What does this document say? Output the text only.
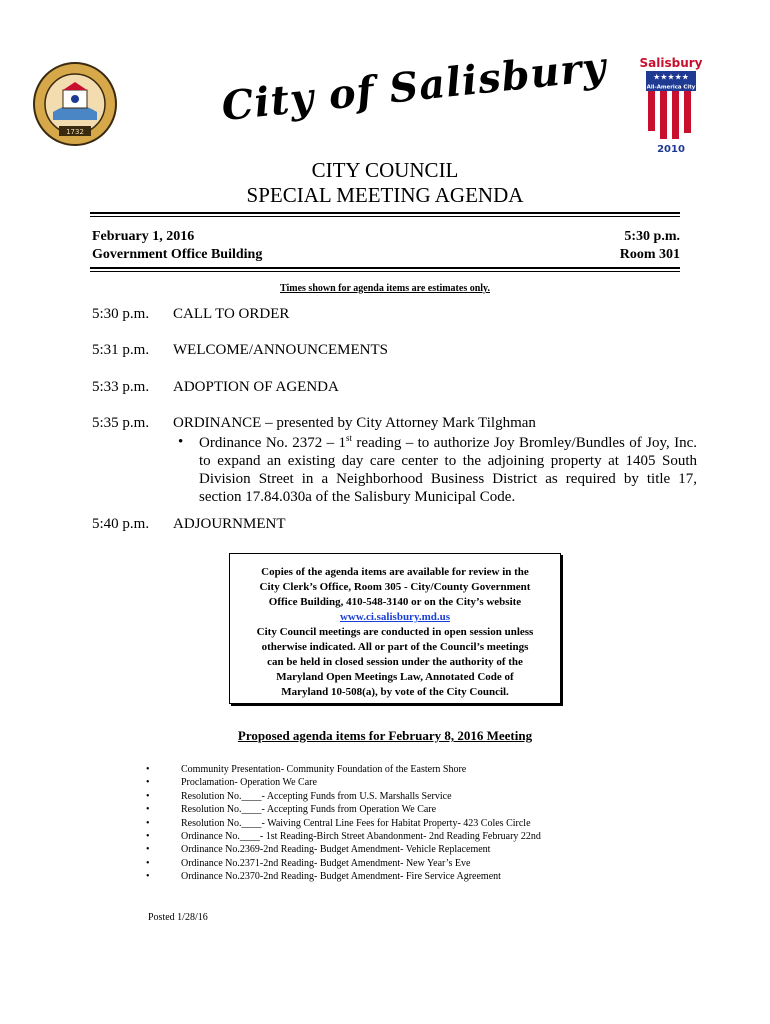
1732
City of Salisbury	Salisbury
★★★★★
All-America City
2010
CITY COUNCIL
SPECIAL MEETING AGENDA
February 1, 2016
Government Office Building
5:30 p.m.
Room 301
Times shown for agenda items are estimates only.
5:30 p.m. CALL TO ORDER
5:31 p.m. WELCOME/ANNOUNCEMENTS
5:33 p.m. ADOPTION OF AGENDA
5:35 p.m. ORDINANCE – presented by City Attorney Mark Tilghman
• Ordinance No. 2372 – 1st reading – to authorize Joy Bromley/Bundles of Joy, Inc.
to expand an existing day care center to the adjoining property at 1405 South
Division Street in a Neighborhood Business District as required by title 17,
section 17.84.030a of the Salisbury Municipal Code.
5:40 p.m. ADJOURNMENT
Copies of the agenda items are available for review in the
City Clerk’s Office, Room 305 - City/County Government
Office Building, 410-548-3140 or on the City’s website
www.ci.salisbury.md.us
City Council meetings are conducted in open session unless
otherwise indicated. All or part of the Council’s meetings
can be held in closed session under the authority of the
Maryland Open Meetings Law, Annotated Code of
Maryland 10-508(a), by vote of the City Council.
Proposed agenda items for February 8, 2016 Meeting
• Community Presentation- Community Foundation of the Eastern Shore
• Proclamation- Operation We Care
• Resolution No.____- Accepting Funds from U.S. Marshalls Service
• Resolution No.____- Accepting Funds from Operation We Care
• Resolution No.____- Waiving Central Line Fees for Habitat Property- 423 Coles Circle
• Ordinance No.____- 1st Reading-Birch Street Abandonment- 2nd Reading February 22nd
• Ordinance No.2369-2nd Reading- Budget Amendment- Vehicle Replacement
• Ordinance No.2371-2nd Reading- Budget Amendment- New Year’s Eve
• Ordinance No.2370-2nd Reading- Budget Amendment- Fire Service Agreement
Posted 1/28/16
